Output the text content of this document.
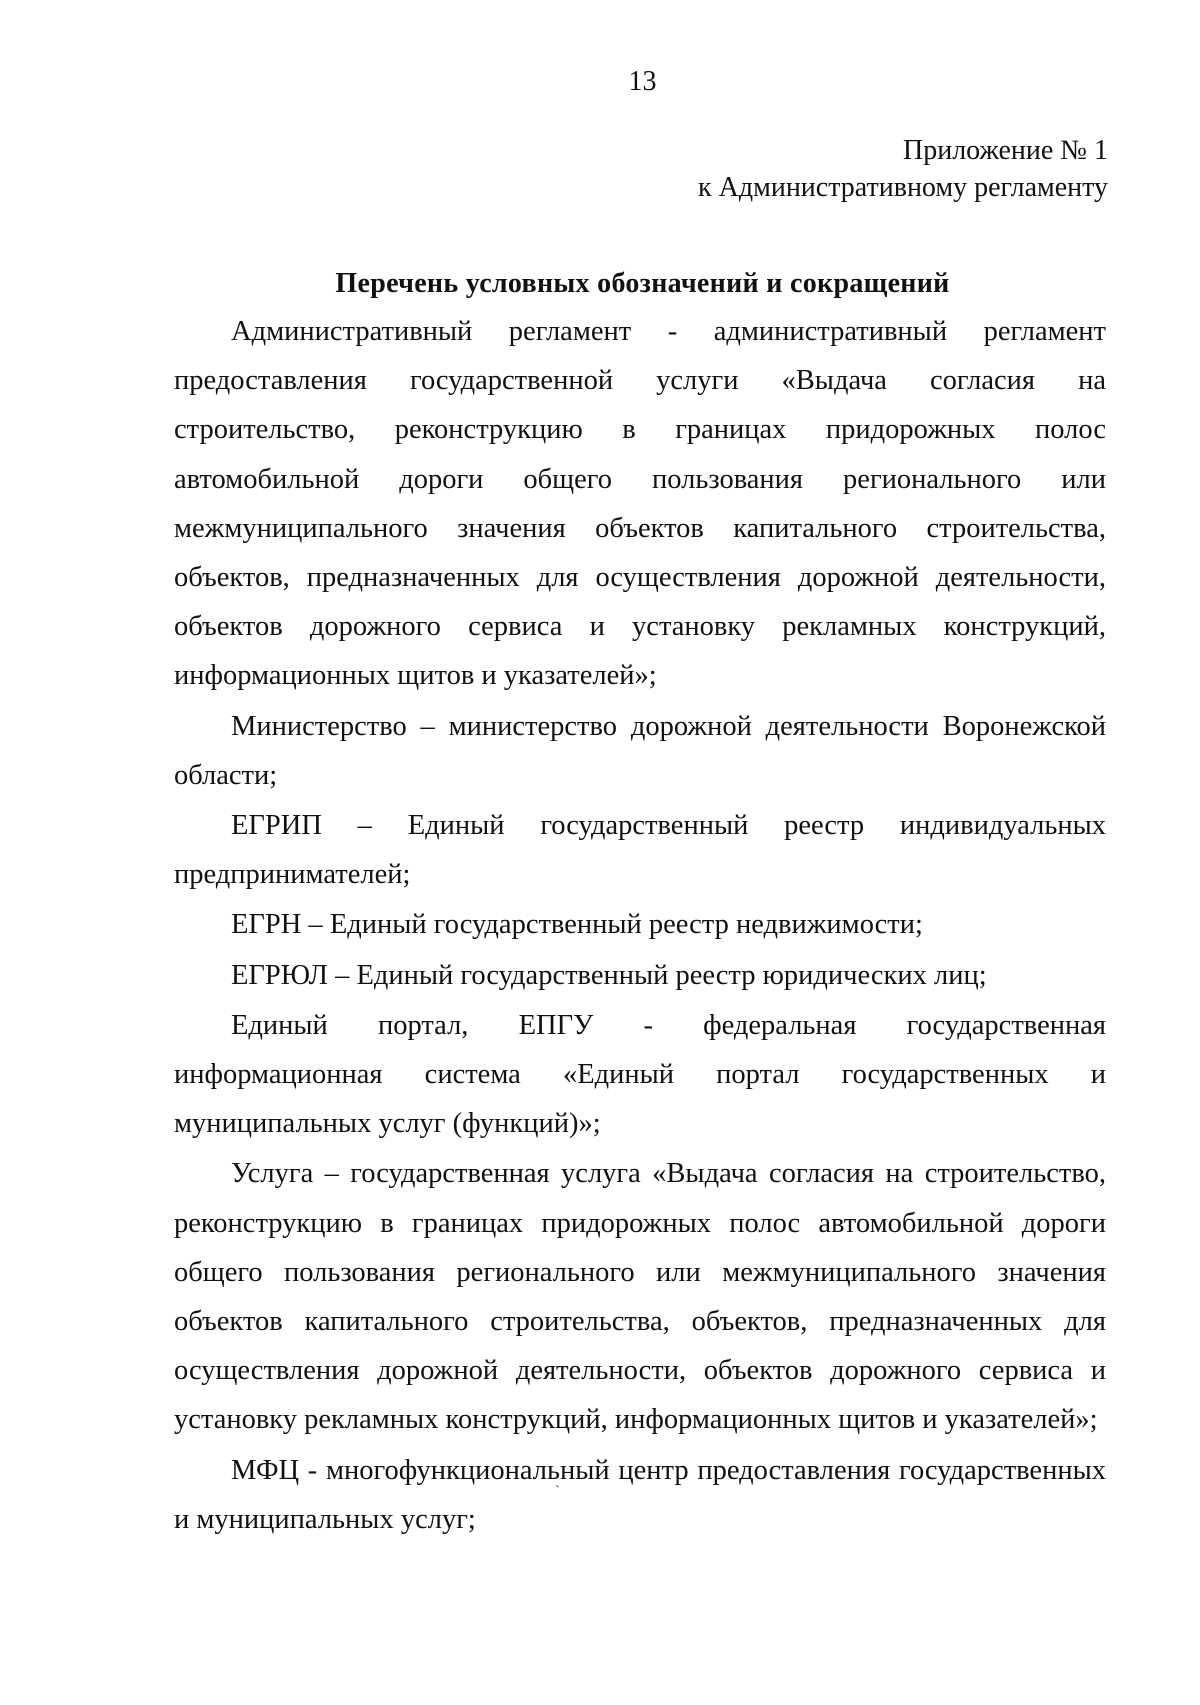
13
Приложение № 1
к Административному регламенту
Перечень условных обозначений и сокращений

Административный регламент - административный регламент предоставления государственной услуги «Выдача согласия на строительство, реконструкцию в границах придорожных полос автомобильной дороги общего пользования регионального или межмуниципального значения объектов капитального строительства, объектов, предназначенных для осуществления дорожной деятельности, объектов дорожного сервиса и установку рекламных конструкций, информационных щитов и указателей»;

Министерство – министерство дорожной деятельности Воронежской области;

ЕГРИП – Единый государственный реестр индивидуальных предпринимателей;

ЕГРН – Единый государственный реестр недвижимости;

ЕГРЮЛ – Единый государственный реестр юридических лиц;

Единый портал, ЕПГУ - федеральная государственная информационная система «Единый портал государственных и муниципальных услуг (функций)»;

Услуга – государственная услуга «Выдача согласия на строительство, реконструкцию в границах придорожных полос автомобильной дороги общего пользования регионального или межмуниципального значения объектов капитального строительства, объектов, предназначенных для осуществления дорожной деятельности, объектов дорожного сервиса и установку рекламных конструкций, информационных щитов и указателей»;

МФЦ - многофункциональный центр предоставления государственных и муниципальных услуг;

`
